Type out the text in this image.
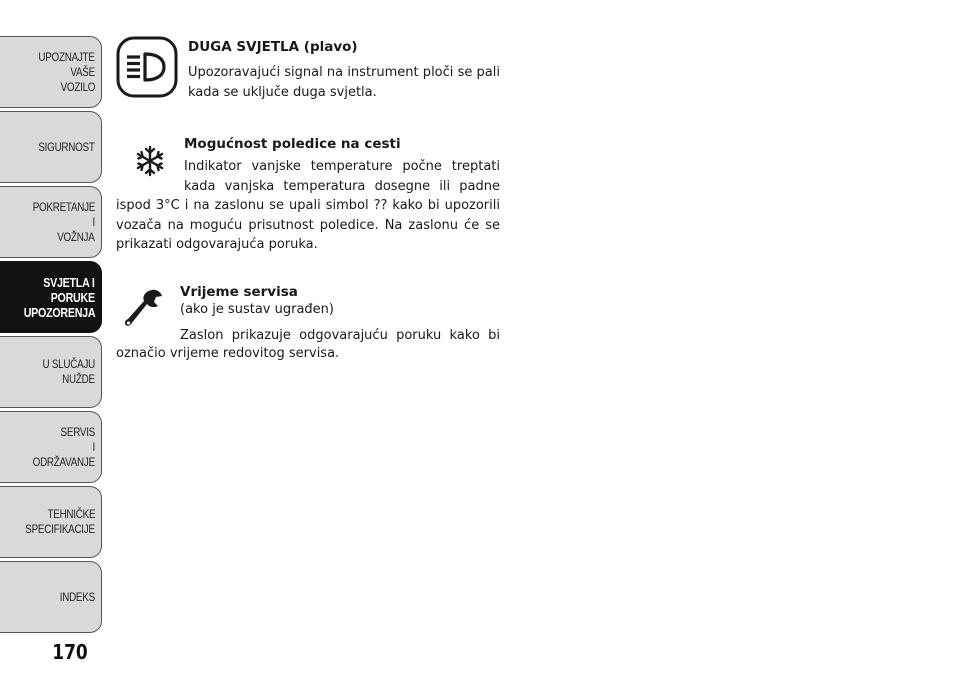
UPOZNAJTE
VAŠE
VOZILO
SIGURNOST
POKRETANJE
I
VOŽNJA
SVJETLA I
PORUKE
UPOZORENJA
U SLUČAJU
NUŽDE
SERVIS
I
ODRŽAVANJE
TEHNIČKE
SPECIFIKACIJE
INDEKS
170

DUGA SVJETLA (plavo)

Upozoravajući signal na instrument ploči se pali kada se uključe duga svjetla.

Mogućnost poledice na cesti

Indikator vanjske temperature počne treptati kada vanjska temperatura dosegne ili padne

ispod 3°C i na zaslonu se upali simbol ?? kako bi upozorili vozača na moguću prisutnost poledice. Na zaslonu će se prikazati odgovarajuća poruka.

Vrijeme servisa

(ako je sustav ugrađen)

Zaslon prikazuje odgovarajuću poruku kako bi

označio vrijeme redovitog servisa.
